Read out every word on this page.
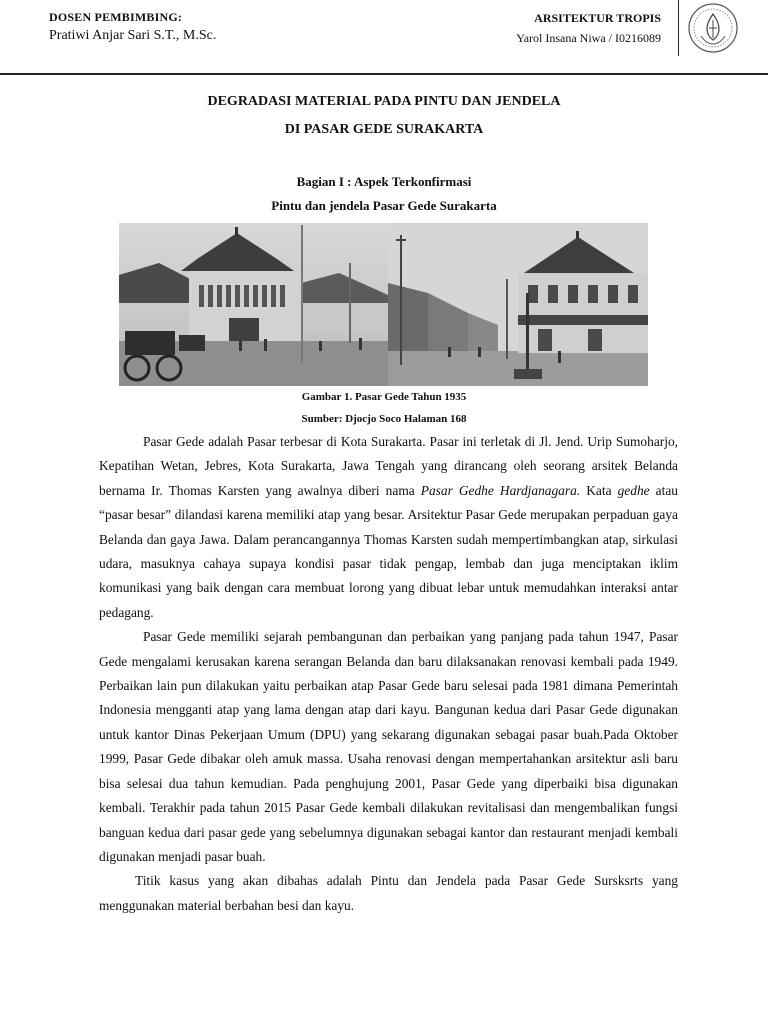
DOSEN PEMBIMBING:
Pratiwi Anjar Sari S.T., M.Sc.
ARSITEKTUR TROPIS
Yarol Insana Niwa / I0216089
DEGRADASI MATERIAL PADA PINTU DAN JENDELA
DI PASAR GEDE SURAKARTA
Bagian I : Aspek Terkonfirmasi
Pintu dan jendela Pasar Gede Surakarta
Gambar 1. Pasar Gede Tahun 1935
Sumber: Djocjo Soco Halaman 168

Pasar Gede adalah Pasar terbesar di Kota Surakarta. Pasar ini terletak di Jl. Jend. Urip Sumoharjo, Kepatihan Wetan, Jebres, Kota Surakarta, Jawa Tengah yang dirancang oleh seorang arsitek Belanda bernama Ir. Thomas Karsten yang awalnya diberi nama Pasar Gedhe Hardjanagara. Kata gedhe atau “pasar besar” dilandasi karena memiliki atap yang besar. Arsitektur Pasar Gede merupakan perpaduan gaya Belanda dan gaya Jawa. Dalam perancangannya Thomas Karsten sudah mempertimbangkan atap, sirkulasi udara, masuknya cahaya supaya kondisi pasar tidak pengap, lembab dan juga menciptakan iklim komunikasi yang baik dengan cara membuat lorong yang dibuat lebar untuk memudahkan interaksi antar pedagang.

Pasar Gede memiliki sejarah pembangunan dan perbaikan yang panjang pada tahun 1947, Pasar Gede mengalami kerusakan karena serangan Belanda dan baru dilaksanakan renovasi kembali pada 1949. Perbaikan lain pun dilakukan yaitu perbaikan atap Pasar Gede baru selesai pada 1981 dimana Pemerintah Indonesia mengganti atap yang lama dengan atap dari kayu. Bangunan kedua dari Pasar Gede digunakan untuk kantor Dinas Pekerjaan Umum (DPU) yang sekarang digunakan sebagai pasar buah.Pada Oktober 1999, Pasar Gede dibakar oleh amuk massa. Usaha renovasi dengan mempertahankan arsitektur asli baru bisa selesai dua tahun kemudian. Pada penghujung 2001, Pasar Gede yang diperbaiki bisa digunakan kembali. Terakhir pada tahun 2015 Pasar Gede kembali dilakukan revitalisasi dan mengembalikan fungsi banguan kedua dari pasar gede yang sebelumnya digunakan sebagai kantor dan restaurant menjadi kembali digunakan menjadi pasar buah.

Titik kasus yang akan dibahas adalah Pintu dan Jendela pada Pasar Gede Sursksrts yang menggunakan material berbahan besi dan kayu.
